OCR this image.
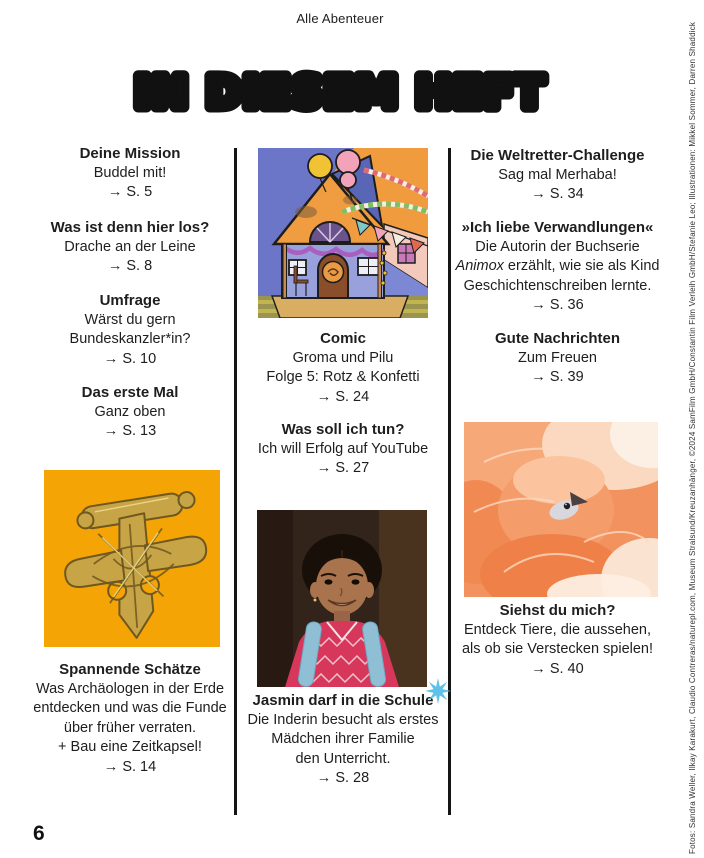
Alle Abenteuer
IN DIESEM HEFT
Deine Mission
Buddel mit!
→ S. 5
Was ist denn hier los?
Drache an der Leine
→ S. 8
Umfrage
Wärst du gern
Bundeskanzler*in?
→ S. 10
Das erste Mal
Ganz oben
→ S. 13
Spannende Schätze
Was Archäologen in der Erde
entdecken und was die Funde
über früher verraten.
+ Bau eine Zeitkapsel!
→ S. 14
Comic
Groma und Pilu
Folge 5: Rotz & Konfetti
→ S. 24
Was soll ich tun?
Ich will Erfolg auf YouTube
→ S. 27
Jasmin darf in die Schule
Die Inderin besucht als erstes
Mädchen ihrer Familie
den Unterricht.
→ S. 28
Die Weltretter-Challenge
Sag mal Merhaba!
→ S. 34
»Ich liebe Verwandlungen«
Die Autorin der Buchserie
Animox erzählt, wie sie als Kind
Geschichtenschreiben lernte.
→ S. 36
Gute Nachrichten
Zum Freuen
→ S. 39
Siehst du mich?
Entdeck Tiere, die aussehen,
als ob sie Verstecken spielen!
→ S. 40	Fotos: Sandra Weller, Ilkay Karakurt, Claudio Contreras/naturepl.com, Museum Stralsund/Kreuzanhänger, ©2024 SamFilm GmbH/Constantin Film Verleih GmbH/Stefanie Leo; Illustrationen: Mikkel Sommer, Darren Shaddick
6
